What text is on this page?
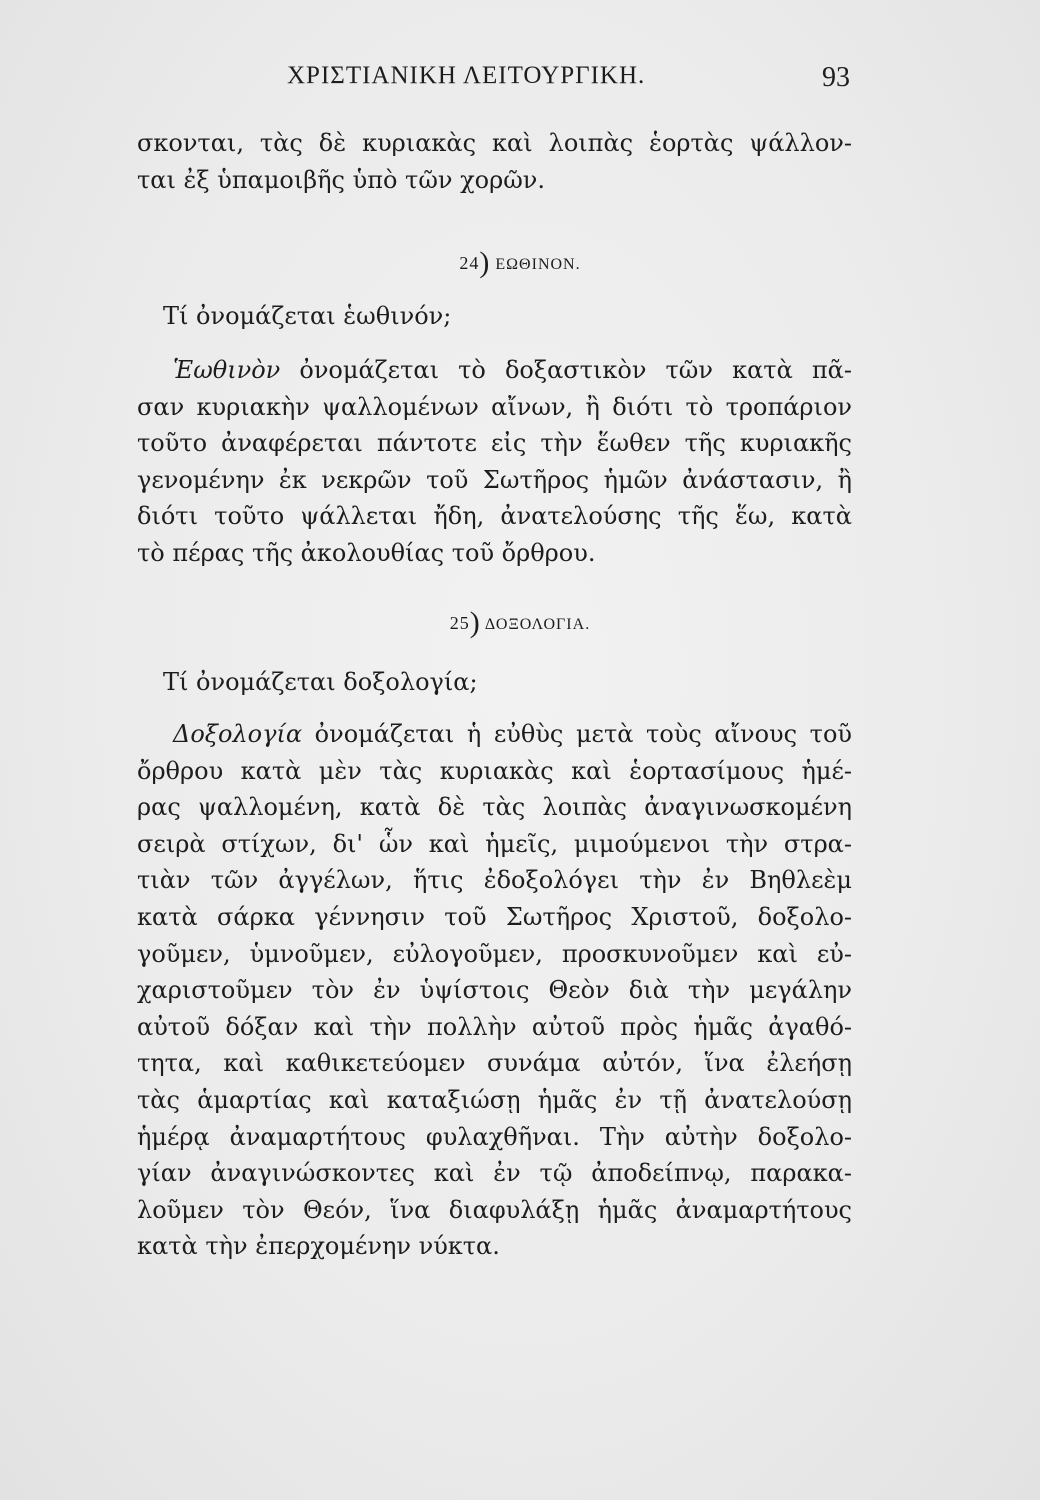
ΧΡΙΣΤΙΑΝΙΚΗ ΛΕΙΤΟΥΡΓΙΚΗ.	93
σκονται, τὰς δὲ κυριακὰς καὶ λοιπὰς ἑορτὰς ψάλλον-
ται ἐξ ὑπαμοιβῆς ὑπὸ τῶν χορῶν.
24) ΕΩΘΙΝΟΝ.
Τί ὀνομάζεται ἑωθινόν;
Ἑωθινὸν ὀνομάζεται τὸ δοξαστικὸν τῶν κατὰ πᾶ-
σαν κυριακὴν ψαλλομένων αἴνων, ἢ διότι τὸ τροπάριον
τοῦτο ἀναφέρεται πάντοτε εἰς τὴν ἕωθεν τῆς κυριακῆς
γενομένην ἐκ νεκρῶν τοῦ Σωτῆρος ἡμῶν ἀνάστασιν, ἢ
διότι τοῦτο ψάλλεται ἤδη, ἀνατελούσης τῆς ἕω, κατὰ
τὸ πέρας τῆς ἀκολουθίας τοῦ ὄρθρου.
25) ΔΟΞΟΛΟΓΙΑ.
Τί ὀνομάζεται δοξολογία;
Δοξολογία ὀνομάζεται ἡ εὐθὺς μετὰ τοὺς αἴνους τοῦ
ὄρθρου κατὰ μὲν τὰς κυριακὰς καὶ ἑορτασίμους ἡμέ-
ρας ψαλλομένη, κατὰ δὲ τὰς λοιπὰς ἀναγινωσκομένη
σειρὰ στίχων, δι' ὧν καὶ ἡμεῖς, μιμούμενοι τὴν στρα-
τιὰν τῶν ἀγγέλων, ἥτις ἐδοξολόγει τὴν ἐν Βηθλεὲμ
κατὰ σάρκα γέννησιν τοῦ Σωτῆρος Χριστοῦ, δοξολο-
γοῦμεν, ὑμνοῦμεν, εὐλογοῦμεν, προσκυνοῦμεν καὶ εὐ-
χαριστοῦμεν τὸν ἐν ὑψίστοις Θεὸν διὰ τὴν μεγάλην
αὐτοῦ δόξαν καὶ τὴν πολλὴν αὐτοῦ πρὸς ἡμᾶς ἀγαθό-
τητα, καὶ καθικετεύομεν συνάμα αὐτόν, ἵνα ἐλεήσῃ
τὰς ἁμαρτίας καὶ καταξιώσῃ ἡμᾶς ἐν τῇ ἀνατελούσῃ
ἡμέρᾳ ἀναμαρτήτους φυλαχθῆναι. Τὴν αὐτὴν δοξολο-
γίαν ἀναγινώσκοντες καὶ ἐν τῷ ἀποδείπνῳ, παρακα-
λοῦμεν τὸν Θεόν, ἵνα διαφυλάξῃ ἡμᾶς ἀναμαρτήτους
κατὰ τὴν ἐπερχομένην νύκτα.
